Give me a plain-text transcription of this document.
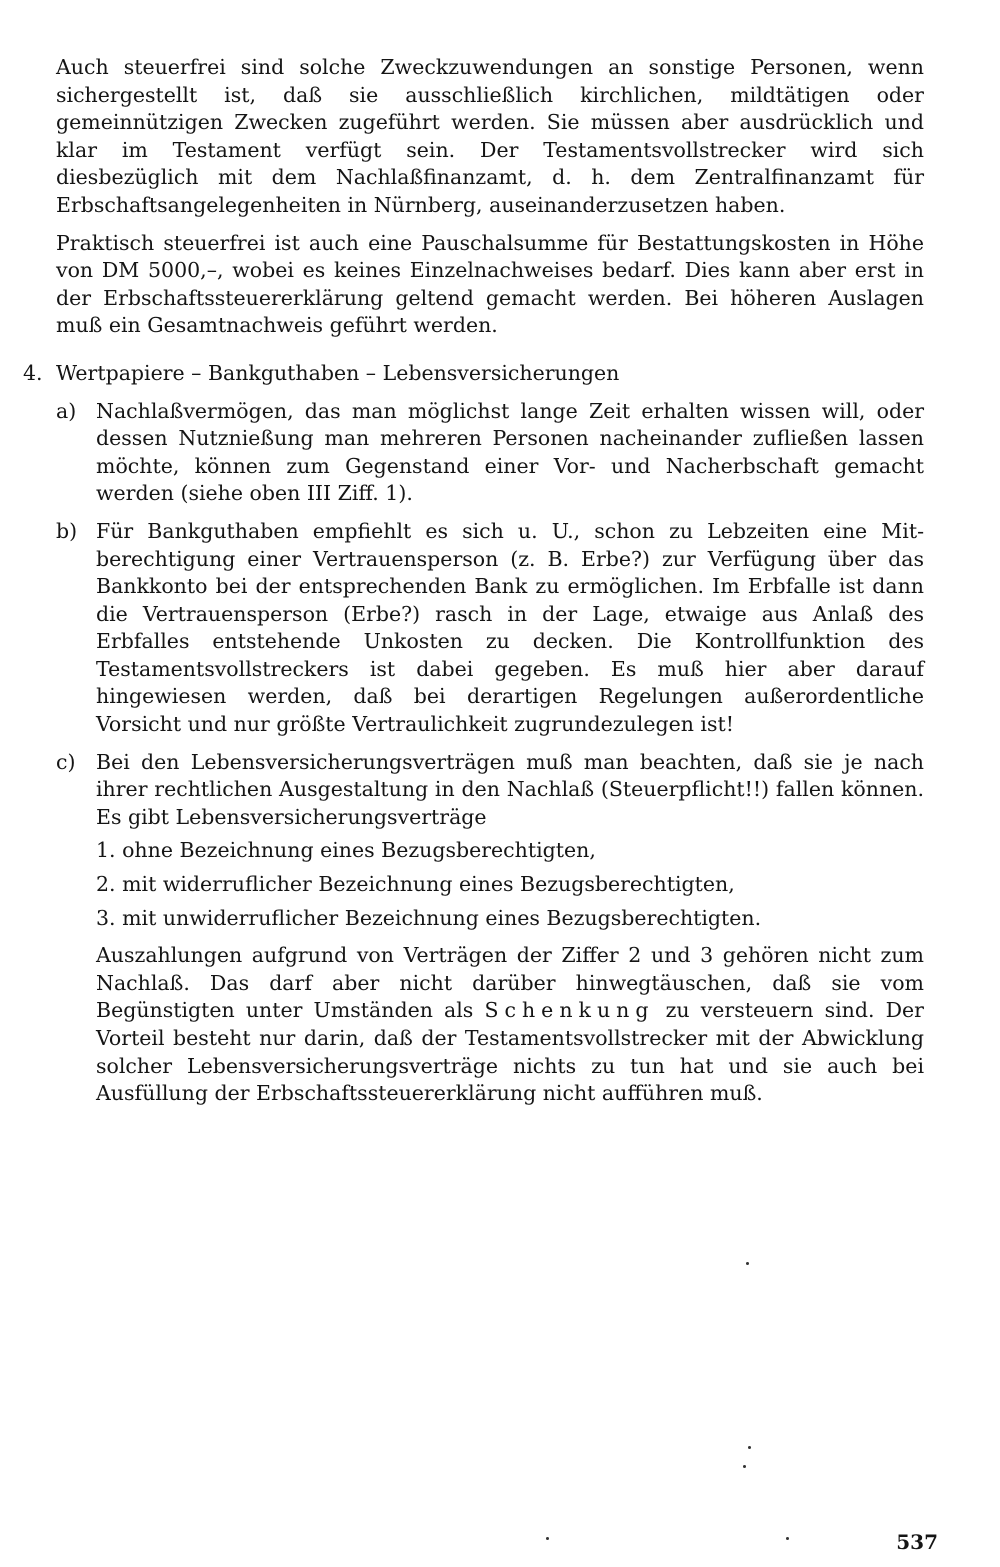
Auch steuerfrei sind solche Zweckzuwendungen an sonstige Personen, wenn sichergestellt ist, daß sie ausschließlich kirchlichen, mildtätigen oder gemeinnützigen Zwecken zugeführt werden. Sie müssen aber ausdrücklich und klar im Testament verfügt sein. Der Testamentsvollstrecker wird sich diesbezüglich mit dem Nachlaßfinanzamt, d. h. dem Zentralfinanzamt für Erbschaftsangelegenheiten in Nürnberg, auseinanderzusetzen haben.

Praktisch steuerfrei ist auch eine Pauschalsumme für Bestattungskosten in Höhe von DM 5000,–, wobei es keines Einzelnachweises bedarf. Dies kann aber erst in der Erbschaftssteuererklärung geltend gemacht werden. Bei höheren Auslagen muß ein Gesamtnachweis geführt werden.

4. Wertpapiere – Bankguthaben – Lebensversicherungen
a) Nachlaßvermögen, das man möglichst lange Zeit erhalten wissen will, oder dessen Nutznießung man mehreren Personen nacheinander zufließen lassen möchte, können zum Gegenstand einer Vor- und Nacherbschaft gemacht werden (siehe oben III Ziff. 1).

b) Für Bankguthaben empfiehlt es sich u. U., schon zu Lebzeiten eine Mitberechtigung einer Vertrauensperson (z. B. Erbe?) zur Verfügung über das Bankkonto bei der entsprechenden Bank zu ermöglichen. Im Erbfalle ist dann die Vertrauensperson (Erbe?) rasch in der Lage, etwaige aus Anlaß des Erbfalles entstehende Unkosten zu decken. Die Kontrollfunktion des Testamentsvollstreckers ist dabei gegeben. Es muß hier aber darauf hingewiesen werden, daß bei derartigen Regelungen außerordentliche Vorsicht und nur größte Vertraulichkeit zugrundezulegen ist!

c)	Bei den Lebensversicherungsverträgen muß man beachten, daß sie je nach ihrer rechtlichen Ausgestaltung in den Nachlaß (Steuerpflicht!!) fallen können. Es gibt Lebensversicherungsverträge

1. ohne Bezeichnung eines Bezugsberechtigten,

2. mit widerruflicher Bezeichnung eines Bezugsberechtigten,

3. mit unwiderruflicher Bezeichnung eines Bezugsberechtigten.

Auszahlungen aufgrund von Verträgen der Ziffer 2 und 3 gehören nicht zum Nachlaß. Das darf aber nicht darüber hinwegtäuschen, daß sie vom Begünstigten unter Umständen als Schenkung zu versteuern sind. Der Vorteil besteht nur darin, daß der Testamentsvollstrecker mit der Abwicklung solcher Lebensversicherungsverträge nichts zu tun hat und sie auch bei Ausfüllung der Erbschaftssteuererklärung nicht aufführen muß.

537
